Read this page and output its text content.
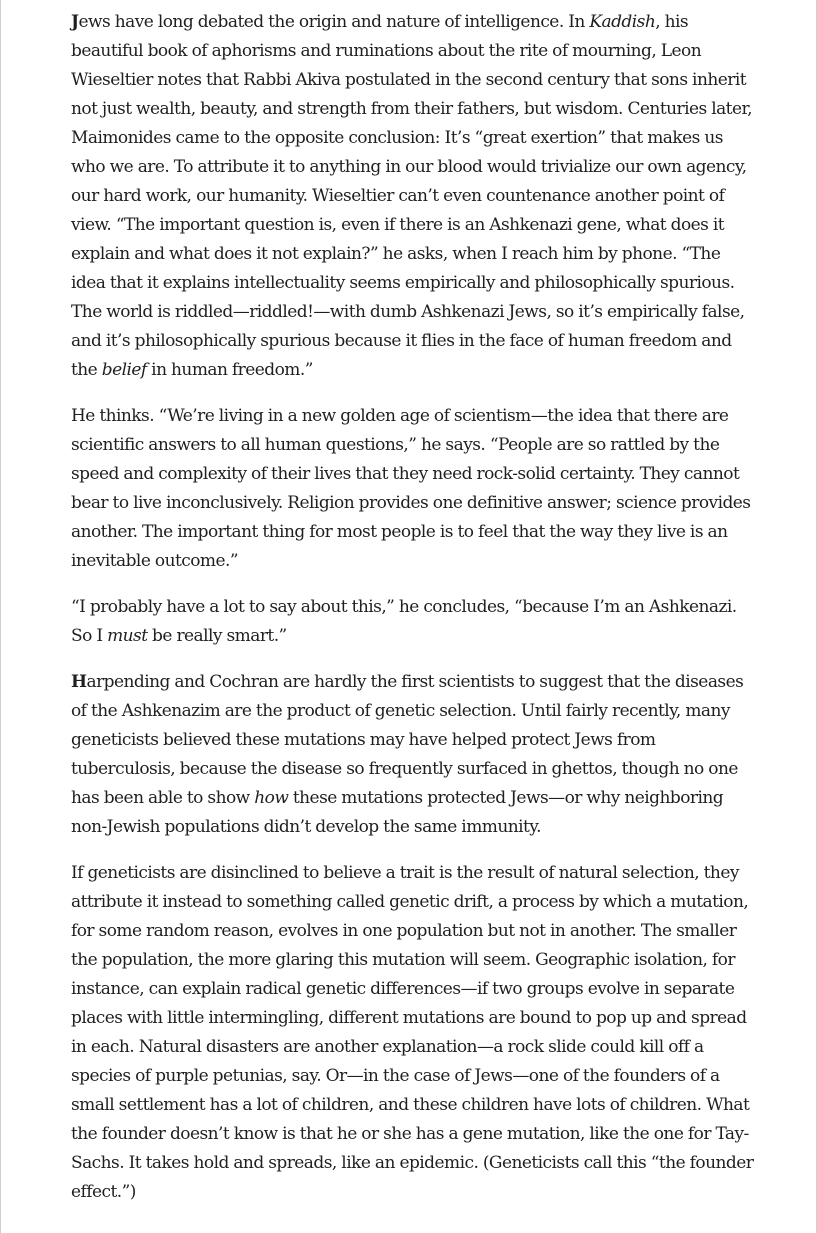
Jews have long debated the origin and nature of intelligence. In Kaddish, his beautiful book of aphorisms and ruminations about the rite of mourning, Leon Wieseltier notes that Rabbi Akiva postulated in the second century that sons inherit not just wealth, beauty, and strength from their fathers, but wisdom. Centuries later, Maimonides came to the opposite conclusion: It’s “great exertion” that makes us who we are. To attribute it to anything in our blood would trivialize our own agency, our hard work, our humanity. Wieseltier can’t even countenance another point of view. “The important question is, even if there is an Ashkenazi gene, what does it explain and what does it not explain?” he asks, when I reach him by phone. “The idea that it explains intellectuality seems empirically and philosophically spurious. The world is riddled—riddled!—with dumb Ashkenazi Jews, so it’s empirically false, and it’s philosophically spurious because it flies in the face of human freedom and the belief in human freedom.”

He thinks. “We’re living in a new golden age of scientism—the idea that there are scientific answers to all human questions,” he says. “People are so rattled by the speed and complexity of their lives that they need rock-solid certainty. They cannot bear to live inconclusively. Religion provides one definitive answer; science provides another. The important thing for most people is to feel that the way they live is an inevitable outcome.”

“I probably have a lot to say about this,” he concludes, “because I’m an Ashkenazi. So I must be really smart.”

Harpending and Cochran are hardly the first scientists to suggest that the diseases of the Ashkenazim are the product of genetic selection. Until fairly recently, many geneticists believed these mutations may have helped protect Jews from tuberculosis, because the disease so frequently surfaced in ghettos, though no one has been able to show how these mutations protected Jews—or why neighboring non-Jewish populations didn’t develop the same immunity.

If geneticists are disinclined to believe a trait is the result of natural selection, they attribute it instead to something called genetic drift, a process by which a mutation, for some random reason, evolves in one population but not in another. The smaller the population, the more glaring this mutation will seem. Geographic isolation, for instance, can explain radical genetic differences—if two groups evolve in separate places with little intermingling, different mutations are bound to pop up and spread in each. Natural disasters are another explanation—a rock slide could kill off a species of purple petunias, say. Or—in the case of Jews—one of the founders of a small settlement has a lot of children, and these children have lots of children. What the founder doesn’t know is that he or she has a gene mutation, like the one for Tay-Sachs. It takes hold and spreads, like an epidemic. (Geneticists call this “the founder effect.”)
